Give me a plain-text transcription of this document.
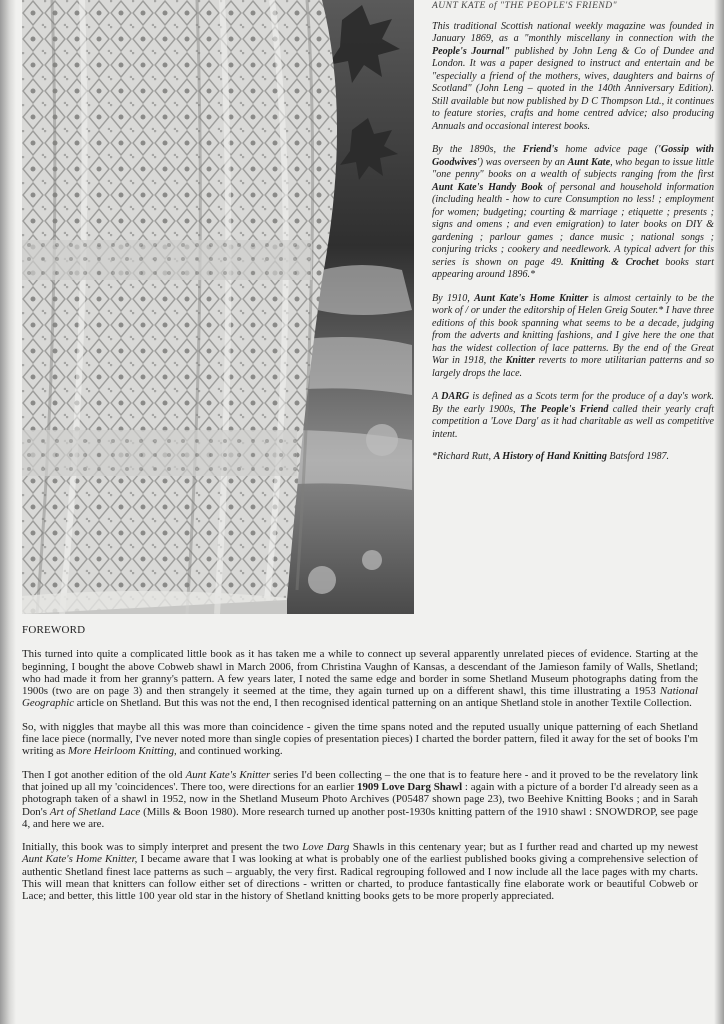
AUNT KATE of "THE PEOPLE'S FRIEND"

This traditional Scottish national weekly magazine was founded in January 1869, as a "monthly miscellany in connection with the People's Journal" published by John Leng & Co of Dundee and London. It was a paper designed to instruct and entertain and be "especially a friend of the mothers, wives, daughters and bairns of Scotland" (John Leng – quoted in the 140th Anniversary Edition). Still available but now published by D C Thompson Ltd., it continues to feature stories, crafts and home centred advice; also producing Annuals and occasional interest books.

By the 1890s, the Friend's home advice page ('Gossip with Goodwives') was overseen by an Aunt Kate, who began to issue little "one penny" books on a wealth of subjects ranging from the first Aunt Kate's Handy Book of personal and household information (including health - how to cure Consumption no less! ; employment for women; budgeting; courting & marriage ; etiquette ; presents ; signs and omens ; and even emigration) to later books on DIY & gardening ; parlour games ; dance music ; national songs ; conjuring tricks ; cookery and needlework. A typical advert for this series is shown on page 49. Knitting & Crochet books start appearing around 1896.*

By 1910, Aunt Kate's Home Knitter is almost certainly to be the work of / or under the editorship of Helen Greig Souter.* I have three editions of this book spanning what seems to be a decade, judging from the adverts and knitting fashions, and I give here the one that has the widest collection of lace patterns. By the end of the Great War in 1918, the Knitter reverts to more utilitarian patterns and so largely drops the lace.

A DARG is defined as a Scots term for the produce of a day's work. By the early 1900s, The People's Friend called their yearly craft competition a 'Love Darg' as it had charitable as well as competitive intent.

*Richard Rutt, A History of Hand Knitting Batsford 1987.

FOREWORD

This turned into quite a complicated little book as it has taken me a while to connect up several apparently unrelated pieces of evidence. Starting at the beginning, I bought the above Cobweb shawl in March 2006, from Christina Vaughn of Kansas, a descendant of the Jamieson family of Walls, Shetland; who had made it from her granny's pattern. A few years later, I noted the same edge and border in some Shetland Museum photographs dating from the 1900s (two are on page 3) and then strangely it seemed at the time, they again turned up on a different shawl, this time illustrating a 1953 National Geographic article on Shetland. But this was not the end, I then recognised identical patterning on an antique Shetland stole in another Textile Collection.

So, with niggles that maybe all this was more than coincidence - given the time spans noted and the reputed usually unique patterning of each Shetland fine lace piece (normally, I've never noted more than single copies of presentation pieces) I charted the border pattern, filed it away for the set of books I'm writing as More Heirloom Knitting, and continued working.

Then I got another edition of the old Aunt Kate's Knitter series I'd been collecting – the one that is to feature here - and it proved to be the revelatory link that joined up all my 'coincidences'. There too, were directions for an earlier 1909 Love Darg Shawl : again with a picture of a border I'd already seen as a photograph taken of a shawl in 1952, now in the Shetland Museum Photo Archives (P05487 shown page 23), two Beehive Knitting Books ; and in Sarah Don's Art of Shetland Lace (Mills & Boon 1980). More research turned up another post-1930s knitting pattern of the 1910 shawl : SNOWDROP, see page 4, and here we are.

Initially, this book was to simply interpret and present the two Love Darg Shawls in this centenary year; but as I further read and charted up my newest Aunt Kate's Home Knitter, I became aware that I was looking at what is probably one of the earliest published books giving a comprehensive selection of authentic Shetland finest lace patterns as such – arguably, the very first. Radical regrouping followed and I now include all the lace pages with my charts. This will mean that knitters can follow either set of directions - written or charted, to produce fantastically fine elaborate work or beautiful Cobweb or Lace; and better, this little 100 year old star in the history of Shetland knitting books gets to be more properly appreciated.
